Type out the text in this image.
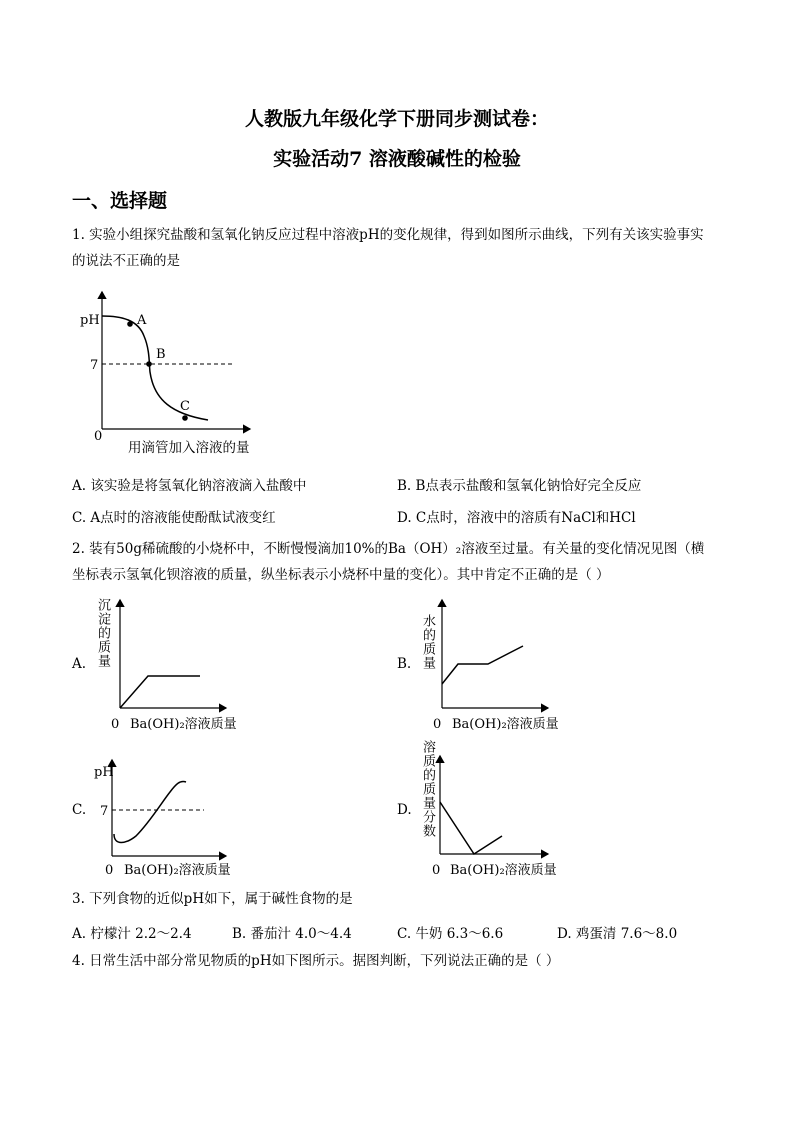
人教版九年级化学下册同步测试卷：
实验活动7 溶液酸碱性的检验
一、选择题
1. 实验小组探究盐酸和氢氧化钠反应过程中溶液pH的变化规律，得到如图所示曲线，下列有关该实验事实
的说法不正确的是
pH
7
0
用滴管加入溶液的量
A
B
C
A. 该实验是将氢氧化钠溶液滴入盐酸中	B. B点表示盐酸和氢氧化钠恰好完全反应
C. A点时的溶液能使酚酞试液变红	D. C点时，溶液中的溶质有NaCl和HCl
2. 装有50g稀硫酸的小烧杯中，不断慢慢滴加10%的Ba（OH）₂溶液至过量。有关量的变化情况见图（横
坐标表示氢氧化钡溶液的质量，纵坐标表示小烧杯中量的变化）。其中肯定不正确的是（ ）
A. 沉淀的质量
0 Ba(OH)₂溶液质量
B. 水的质量
0 Ba(OH)₂溶液质量
C.
pH
7
0 Ba(OH)₂溶液质量
D. 溶质的质量分数
0 Ba(OH)₂溶液质量
3. 下列食物的近似pH如下，属于碱性食物的是
A. 柠檬汁 2.2～2.4	B. 番茄汁 4.0～4.4	C. 牛奶 6.3～6.6	D. 鸡蛋清 7.6～8.0
4. 日常生活中部分常见物质的pH如下图所示。据图判断，下列说法正确的是（ ）
